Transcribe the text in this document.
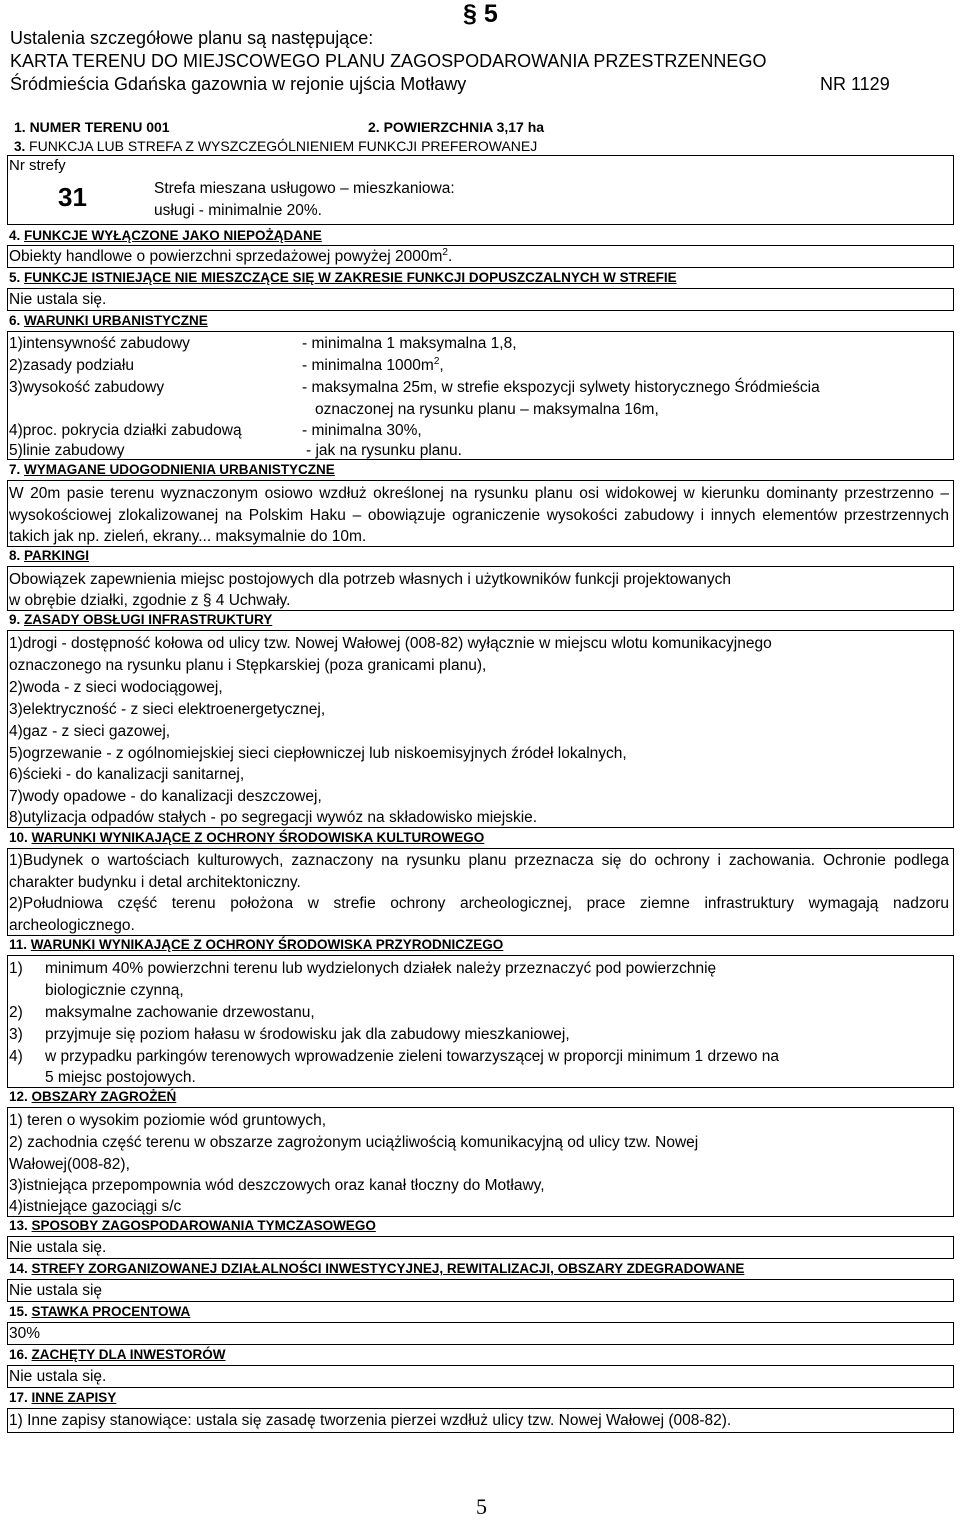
§ 5
Ustalenia szczegółowe planu są następujące:
KARTA TERENU DO MIEJSCOWEGO PLANU ZAGOSPODAROWANIA PRZESTRZENNEGO
Śródmieścia Gdańska gazownia w rejonie ujścia Motławy	NR 1129
1. NUMER TERENU 001	2. POWIERZCHNIA 3,17 ha
3. FUNKCJA LUB STREFA Z WYSZCZEGÓLNIENIEM FUNKCJI PREFEROWANEJ
Nr strefy
31	Strefa mieszana usługowo – mieszkaniowa:
usługi - minimalnie 20%.
4. FUNKCJE WYŁĄCZONE JAKO NIEPOŻĄDANE
Obiekty handlowe o powierzchni sprzedażowej powyżej $2000m^2$.
5. FUNKCJE ISTNIEJĄCE NIE MIESZCZĄCE SIĘ W ZAKRESIE FUNKCJI DOPUSZCZALNYCH W STREFIE
Nie ustala się.
6. WARUNKI URBANISTYCZNE
1)intensywność zabudowy	- minimalna 1 maksymalna 1,8,
2)zasady podziału	- minimalna $1000m^2$,
3)wysokość zabudowy	- maksymalna 25m, w strefie ekspozycji sylwety historycznego Śródmieścia
oznaczonej na rysunku planu – maksymalna 16m,
4)proc. pokrycia działki zabudową	- minimalna 30%,
5)linie zabudowy	- jak na rysunku planu.
7. WYMAGANE UDOGODNIENIA URBANISTYCZNE
W 20m pasie terenu wyznaczonym osiowo wzdłuż określonej na rysunku planu osi widokowej w kierunku dominanty przestrzenno – wysokościowej zlokalizowanej na Polskim Haku – obowiązuje ograniczenie wysokości zabudowy i innych elementów przestrzennych takich jak np. zieleń, ekrany... maksymalnie do 10m.
8. PARKINGI
Obowiązek zapewnienia miejsc postojowych dla potrzeb własnych i użytkowników funkcji projektowanych
w obrębie działki, zgodnie z § 4 Uchwały.
9. ZASADY OBSŁUGI INFRASTRUKTURY
1)drogi - dostępność kołowa od ulicy tzw. Nowej Wałowej (008-82) wyłącznie w miejscu wlotu komunikacyjnego
oznaczonego na rysunku planu i Stępkarskiej (poza granicami planu),
2)woda - z sieci wodociągowej,
3)elektryczność - z sieci elektroenergetycznej,
4)gaz - z sieci gazowej,
5)ogrzewanie - z ogólnomiejskiej sieci ciepłowniczej lub niskoemisyjnych źródeł lokalnych,
6)ścieki - do kanalizacji sanitarnej,
7)wody opadowe - do kanalizacji deszczowej,
8)utylizacja odpadów stałych - po segregacji wywóz na składowisko miejskie.
10. WARUNKI WYNIKAJĄCE Z OCHRONY ŚRODOWISKA KULTUROWEGO
1)Budynek o wartościach kulturowych, zaznaczony na rysunku planu przeznacza się do ochrony i zachowania. Ochronie podlega charakter budynku i detal architektoniczny.
2)Południowa część terenu położona w strefie ochrony archeologicznej, prace ziemne infrastruktury wymagają nadzoru archeologicznego.
11. WARUNKI WYNIKAJĄCE Z OCHRONY ŚRODOWISKA PRZYRODNICZEGO
1) minimum 40% powierzchni terenu lub wydzielonych działek należy przeznaczyć pod powierzchnię
biologicznie czynną,
2) maksymalne zachowanie drzewostanu,
3) przyjmuje się poziom hałasu w środowisku jak dla zabudowy mieszkaniowej,
4) w przypadku parkingów terenowych wprowadzenie zieleni towarzyszącej w proporcji minimum 1 drzewo na
5 miejsc postojowych.
12. OBSZARY ZAGROŻEŃ
1) teren o wysokim poziomie wód gruntowych,
2) zachodnia część terenu w obszarze zagrożonym uciążliwością komunikacyjną od ulicy tzw. Nowej
Wałowej(008-82),
3)istniejąca przepompownia wód deszczowych oraz kanał tłoczny do Motławy,
4)istniejące gazociągi s/c
13. SPOSOBY ZAGOSPODAROWANIA TYMCZASOWEGO
Nie ustala się.
14. STREFY ZORGANIZOWANEJ DZIAŁALNOŚCI INWESTYCYJNEJ, REWITALIZACJI, OBSZARY ZDEGRADOWANE
Nie ustala się
15. STAWKA PROCENTOWA
30%
16. ZACHĘTY DLA INWESTORÓW
Nie ustala się.
17. INNE ZAPISY
1) Inne zapisy stanowiące: ustala się zasadę tworzenia pierzei wzdłuż ulicy tzw. Nowej Wałowej (008-82).
5
